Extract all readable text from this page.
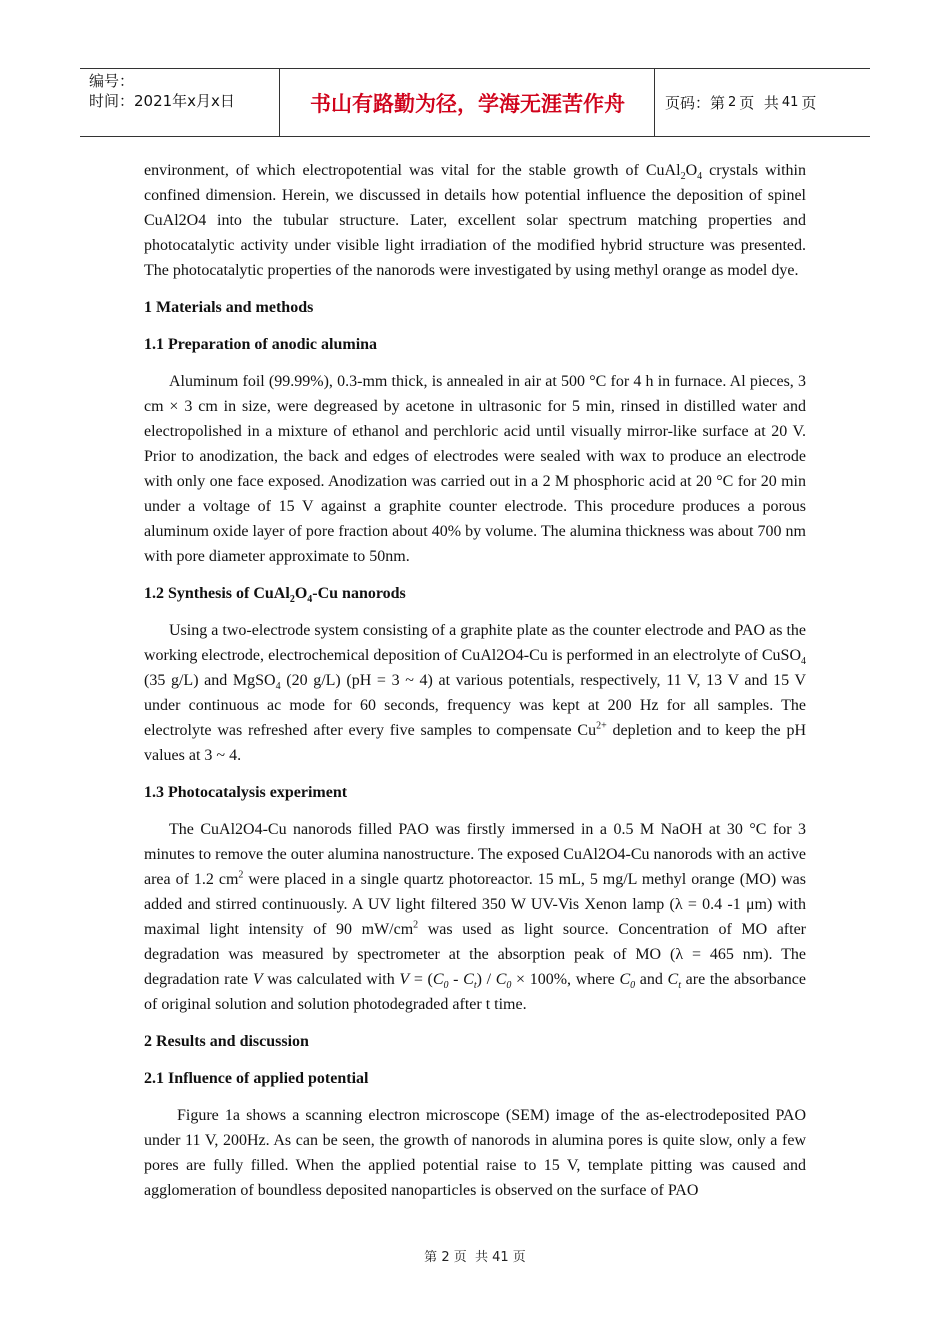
编号：
时间：2021年x月x日	书山有路勤为径，学海无涯苦作舟	页码：第 2 页  共 41 页

environment, of which electropotential was vital for the stable growth of $CuAl_2O_4$ crystals within confined dimension. Herein, we discussed in details how potential influence the deposition of spinel CuAl2O4 into the tubular structure. Later, excellent solar spectrum matching properties and photocatalytic activity under visible light irradiation of the modified hybrid structure was presented. The photocatalytic properties of the nanorods were investigated by using methyl orange as model dye.

1 Materials and methods
1.1 Preparation of anodic alumina

Aluminum foil (99.99%), 0.3-mm thick, is annealed in air at 500 °C for 4 h in furnace. Al pieces, 3 cm × 3 cm in size, were degreased by acetone in ultrasonic for 5 min, rinsed in distilled water and electropolished in a mixture of ethanol and perchloric acid until visually mirror-like surface at 20 V. Prior to anodization, the back and edges of electrodes were sealed with wax to produce an electrode with only one face exposed. Anodization was carried out in a 2 M phosphoric acid at 20 °C for 20 min under a voltage of 15 V against a graphite counter electrode. This procedure produces a porous aluminum oxide layer of pore fraction about 40% by volume. The alumina thickness was about 700 nm with pore diameter approximate to 50nm.

1.2 Synthesis of $CuAl_2O_4-Cu$ nanorods

Using a two-electrode system consisting of a graphite plate as the counter electrode and PAO as the working electrode, electrochemical deposition of CuAl2O4-Cu is performed in an electrolyte of CuSO$_4$ (35 g/L) and MgSO$_4$ (20 g/L) (pH = 3 ~ 4) at various potentials, respectively, 11 V, 13 V and 15 V under continuous ac mode for 60 seconds, frequency was kept at 200 Hz for all samples. The electrolyte was refreshed after every five samples to compensate $Cu^{2+}$ depletion and to keep the pH values at 3 ~ 4.

1.3 Photocatalysis experiment

The CuAl2O4-Cu nanorods filled PAO was firstly immersed in a 0.5 M NaOH at 30 °C for 3 minutes to remove the outer alumina nanostructure. The exposed CuAl2O4-Cu nanorods with an active area of 1.2 $cm^2$ were placed in a single quartz photoreactor. 15 mL, 5 mg/L methyl orange (MO) was added and stirred continuously. A UV light filtered 350 W UV-Vis Xenon lamp (λ = 0.4 -1 μm) with maximal light intensity of 90 $mW/cm^2$ was used as light source. Concentration of MO after degradation was measured by spectrometer at the absorption peak of MO (λ = 465 nm). The degradation rate V was calculated with $V = (C_0 - C_t) / C_0 \times 100\%$, where $C_0$ and $C_t$ are the absorbance of original solution and solution photodegraded after t time.

2 Results and discussion
2.1 Influence of applied potential

Figure 1a shows a scanning electron microscope (SEM) image of the as-electrodeposited PAO under 11 V, 200Hz. As can be seen, the growth of nanorods in alumina pores is quite slow, only a few pores are fully filled. When the applied potential raise to 15 V, template pitting was caused and agglomeration of boundless deposited nanoparticles is observed on the surface of PAO

第 2 页  共 41 页
